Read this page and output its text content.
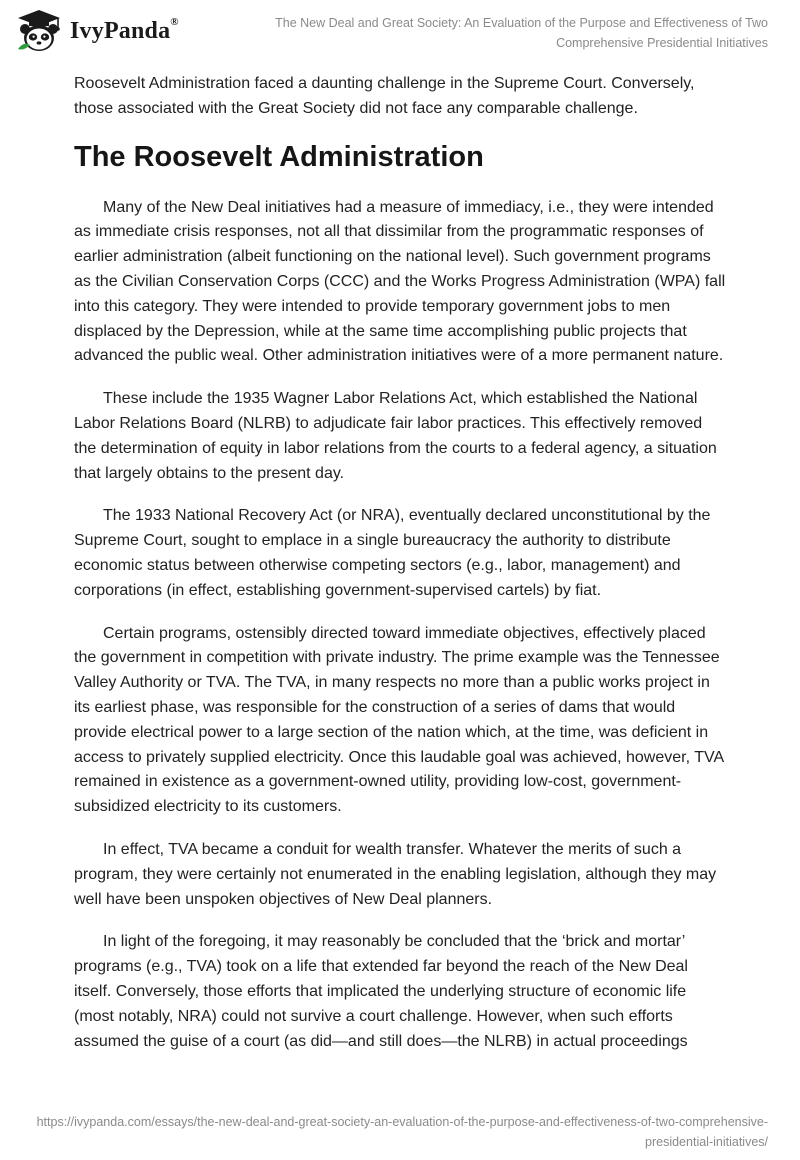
IvyPanda®	The New Deal and Great Society: An Evaluation of the Purpose and Effectiveness of Two
Comprehensive Presidential Initiatives

Roosevelt Administration faced a daunting challenge in the Supreme Court. Conversely, those associated with the Great Society did not face any comparable challenge.

The Roosevelt Administration

Many of the New Deal initiatives had a measure of immediacy, i.e., they were intended as immediate crisis responses, not all that dissimilar from the programmatic responses of earlier administration (albeit functioning on the national level). Such government programs as the Civilian Conservation Corps (CCC) and the Works Progress Administration (WPA) fall into this category. They were intended to provide temporary government jobs to men displaced by the Depression, while at the same time accomplishing public projects that advanced the public weal. Other administration initiatives were of a more permanent nature.

These include the 1935 Wagner Labor Relations Act, which established the National Labor Relations Board (NLRB) to adjudicate fair labor practices. This effectively removed the determination of equity in labor relations from the courts to a federal agency, a situation that largely obtains to the present day.

The 1933 National Recovery Act (or NRA), eventually declared unconstitutional by the Supreme Court, sought to emplace in a single bureaucracy the authority to distribute economic status between otherwise competing sectors (e.g., labor, management) and corporations (in effect, establishing government-supervised cartels) by fiat.

Certain programs, ostensibly directed toward immediate objectives, effectively placed the government in competition with private industry. The prime example was the Tennessee Valley Authority or TVA. The TVA, in many respects no more than a public works project in its earliest phase, was responsible for the construction of a series of dams that would provide electrical power to a large section of the nation which, at the time, was deficient in access to privately supplied electricity. Once this laudable goal was achieved, however, TVA remained in existence as a government-owned utility, providing low-cost, government-subsidized electricity to its customers.

In effect, TVA became a conduit for wealth transfer. Whatever the merits of such a program, they were certainly not enumerated in the enabling legislation, although they may well have been unspoken objectives of New Deal planners.

In light of the foregoing, it may reasonably be concluded that the ‘brick and mortar’ programs (e.g., TVA) took on a life that extended far beyond the reach of the New Deal itself. Conversely, those efforts that implicated the underlying structure of economic life (most notably, NRA) could not survive a court challenge. However, when such efforts assumed the guise of a court (as did—and still does—the NLRB) in actual proceedings

https://ivypanda.com/essays/the-new-deal-and-great-society-an-evaluation-of-the-purpose-and-effectiveness-of-two-comprehensive-
presidential-initiatives/
